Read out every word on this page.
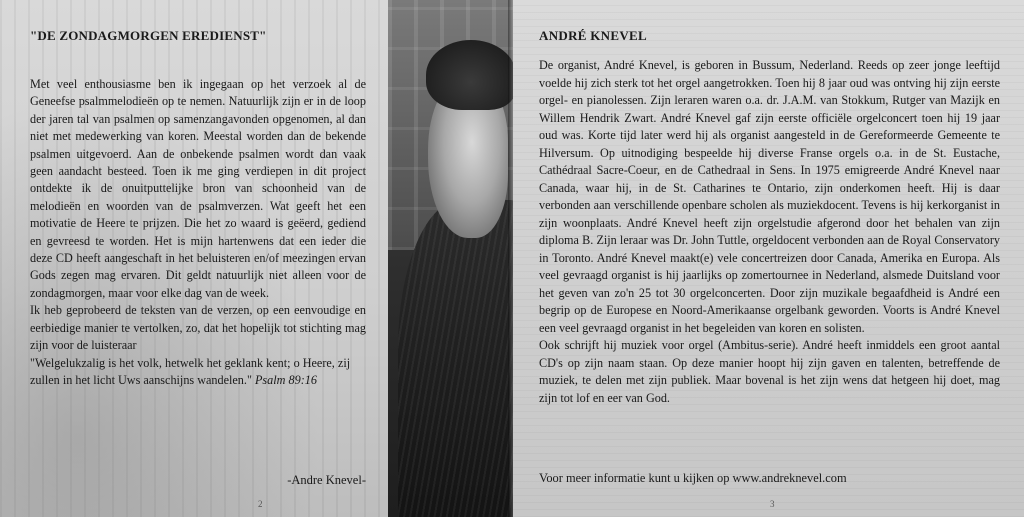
"DE ZONDAGMORGEN EREDIENST"

Met veel enthousiasme ben ik ingegaan op het verzoek al de Geneefse psalmmelodieën op te nemen. Natuurlijk zijn er in de loop der jaren tal van psalmen op samenzangavonden opgenomen, al dan niet met medewerking van koren. Meestal worden dan de bekende psalmen uitgevoerd. Aan de onbekende psalmen wordt dan vaak geen aandacht besteed. Toen ik me ging verdiepen in dit project ontdekte ik de onuitputtelijke bron van schoonheid van de melodieën en woorden van de psalmverzen. Wat geeft het een motivatie de Heere te prijzen. Die het zo waard is geëerd, gediend en gevreesd te worden. Het is mijn hartenwens dat een ieder die deze CD heeft aangeschaft in het beluisteren en/of meezingen ervan Gods zegen mag ervaren. Dit geldt natuurlijk niet alleen voor de zondagmorgen, maar voor elke dag van de week.

Ik heb geprobeerd de teksten van de verzen, op een eenvoudige en eerbiedige manier te vertolken, zo, dat het hopelijk tot stichting mag zijn voor de luisteraar

"Welgelukzalig is het volk, hetwelk het geklank kent; o Heere, zij zullen in het licht Uws aanschijns wandelen." Psalm 89:16

-Andre Knevel-
2
ANDRÉ KNEVEL

De organist, André Knevel, is geboren in Bussum, Nederland. Reeds op zeer jonge leeftijd voelde hij zich sterk tot het orgel aangetrokken. Toen hij 8 jaar oud was ontving hij zijn eerste orgel- en pianolessen. Zijn leraren waren o.a. dr. J.A.M. van Stokkum, Rutger van Mazijk en Willem Hendrik Zwart. André Knevel gaf zijn eerste officiële orgelconcert toen hij 19 jaar oud was. Korte tijd later werd hij als organist aangesteld in de Gereformeerde Gemeente te Hilversum. Op uitnodiging bespeelde hij diverse Franse orgels o.a. in de St. Eustache, Cathédraal Sacre-Coeur, en de Cathedraal in Sens. In 1975 emigreerde André Knevel naar Canada, waar hij, in de St. Catharines te Ontario, zijn onderkomen heeft. Hij is daar verbonden aan verschillende openbare scholen als muziekdocent. Tevens is hij kerkorganist in zijn woonplaats. André Knevel heeft zijn orgelstudie afgerond door het behalen van zijn diploma B. Zijn leraar was Dr. John Tuttle, orgeldocent verbonden aan de Royal Conservatory in Toronto. André Knevel maakt(e) vele concertreizen door Canada, Amerika en Europa. Als veel gevraagd organist is hij jaarlijks op zomertournee in Nederland, alsmede Duitsland voor het geven van zo'n 25 tot 30 orgelconcerten. Door zijn muzikale begaafdheid is André een begrip op de Europese en Noord-Amerikaanse orgelbank geworden. Voorts is André Knevel een veel gevraagd organist in het begeleiden van koren en solisten.

Ook schrijft hij muziek voor orgel (Ambitus-serie). André heeft inmiddels een groot aantal CD's op zijn naam staan. Op deze manier hoopt hij zijn gaven en talenten, betreffende de muziek, te delen met zijn publiek. Maar bovenal is het zijn wens dat hetgeen hij doet, mag zijn tot lof en eer van God.

Voor meer informatie kunt u kijken op www.andreknevel.com
3
